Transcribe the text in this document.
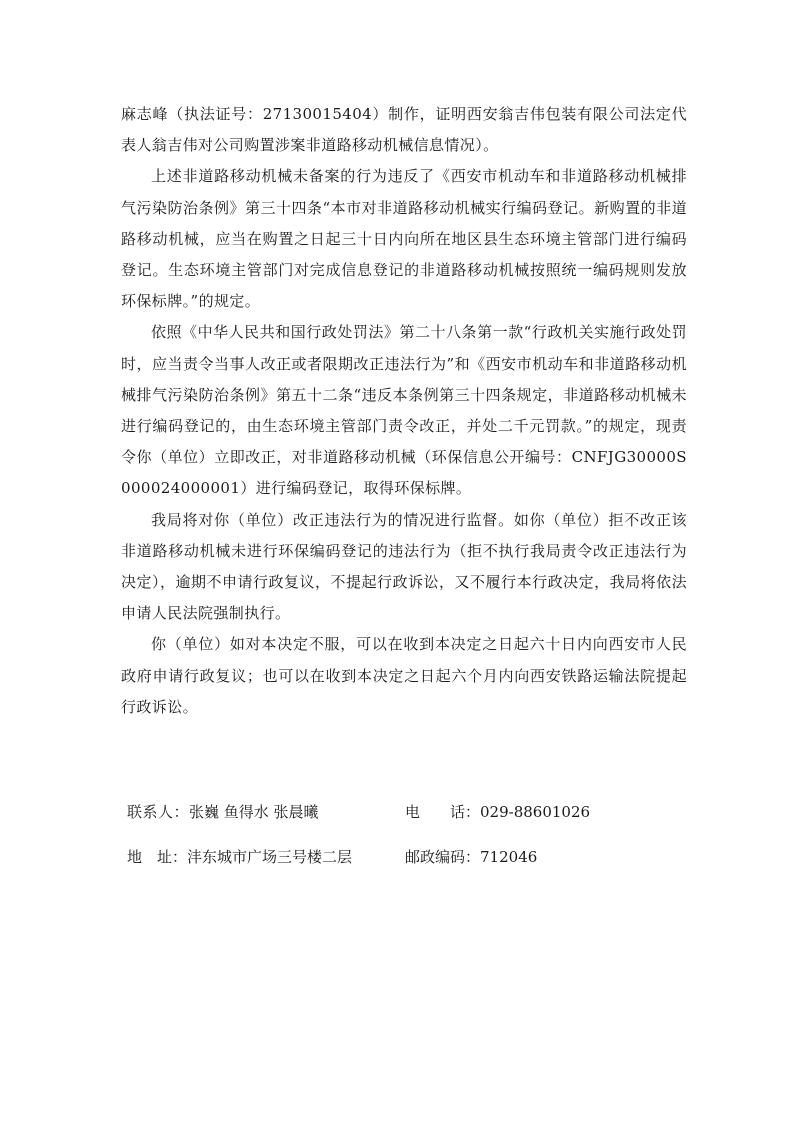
麻志峰（执法证号：27130015404）制作，证明西安翁吉伟包装有限公司法定代表人翁吉伟对公司购置涉案非道路移动机械信息情况）。

上述非道路移动机械未备案的行为违反了《西安市机动车和非道路移动机械排气污染防治条例》第三十四条“本市对非道路移动机械实行编码登记。新购置的非道路移动机械，应当在购置之日起三十日内向所在地区县生态环境主管部门进行编码登记。生态环境主管部门对完成信息登记的非道路移动机械按照统一编码规则发放环保标牌。”的规定。

依照《中华人民共和国行政处罚法》第二十八条第一款“行政机关实施行政处罚时，应当责令当事人改正或者限期改正违法行为”和《西安市机动车和非道路移动机械排气污染防治条例》第五十二条“违反本条例第三十四条规定，非道路移动机械未进行编码登记的，由生态环境主管部门责令改正，并处二千元罚款。”的规定，现责令你（单位）立即改正，对非道路移动机械（环保信息公开编号：CNFJG30000S000024000001）进行编码登记，取得环保标牌。

我局将对你（单位）改正违法行为的情况进行监督。如你（单位）拒不改正该非道路移动机械未进行环保编码登记的违法行为（拒不执行我局责令改正违法行为决定），逾期不申请行政复议，不提起行政诉讼，又不履行本行政决定，我局将依法申请人民法院强制执行。

你（单位）如对本决定不服，可以在收到本决定之日起六十日内向西安市人民政府申请行政复议；也可以在收到本决定之日起六个月内向西安铁路运输法院提起行政诉讼。

联系人：张巍 鱼得水 张晨曦	电　　话：029-88601026
地　址：沣东城市广场三号楼二层	邮政编码：712046
